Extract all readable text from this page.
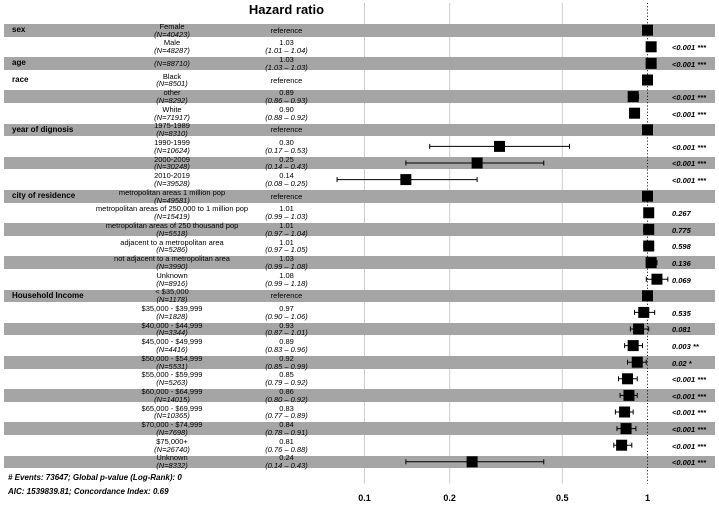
Hazard ratio
sex	Female
(N=40423)	reference
Male
(N=48287)
1.03
(1.01 – 1.04)	<0.001 ***
age	(N=88710)	1.03
(1.03 – 1.03)	<0.001 ***
race	Black
(N=8501)	reference
other
(N=8292)
0.89
(0.86 – 0.93)	<0.001 ***
White
(N=71917)
0.90
(0.88 – 0.92)	<0.001 ***
year of dignosis	1975-1989
(N=8310)	reference
1990-1999
(N=10624)
0.30
(0.17 – 0.53)	<0.001 ***
2000-2009
(N=30248)
0.25
(0.14 – 0.43)	<0.001 ***
2010-2019
(N=39528)
0.14
(0.08 – 0.25)	<0.001 ***
city of residence	metropolitan areas 1 million pop
(N=49581)	reference
metropolitan areas of 250,000 to 1 million pop
(N=15419)
1.01
(0.99 – 1.03)	0.267
metropolitan areas of 250 thousand pop
(N=5518)
1.01
(0.97 – 1.04)	0.775
adjacent to a metropolitan area
(N=5286)
1.01
(0.97 – 1.05)	0.598
not adjacent to a metropolitan area
(N=3990)
1.03
(0.99 – 1.08)	0.136
Unknown
(N=8916)
1.08
(0.99 – 1.18)	0.069
Household Income	< $35,000
(N=1178)	reference
$35,000 - $39,999
(N=1828)
0.97
(0.90 – 1.06)	0.535
$40,000 - $44,999
(N=3344)
0.93
(0.87 – 1.01)	0.081
$45,000 - $49,999
(N=4416)
0.89
(0.83 – 0.96)	0.003 **
$50,000 - $54,999
(N=5531)
0.92
(0.85 – 0.99)	0.02 *
$55,000 - $59,999
(N=5263)
0.85
(0.79 – 0.92)	<0.001 ***
$60,000 - $64,999
(N=14015)
0.86
(0.80 – 0.92)	<0.001 ***
$65,000 - $69,999
(N=10365)
0.83
(0.77 – 0.89)	<0.001 ***
$70,000 - $74,999
(N=7698)
0.84
(0.78 – 0.91)	<0.001 ***
$75,000+
(N=26740)
0.81
(0.76 – 0.88)	<0.001 ***
Unknown
(N=8332)
0.24
(0.14 – 0.43)	<0.001 ***
0.1	0.2	0.5	1
# Events: 73647; Global p-value (Log-Rank): 0
AIC: 1539839.81; Concordance Index: 0.69
